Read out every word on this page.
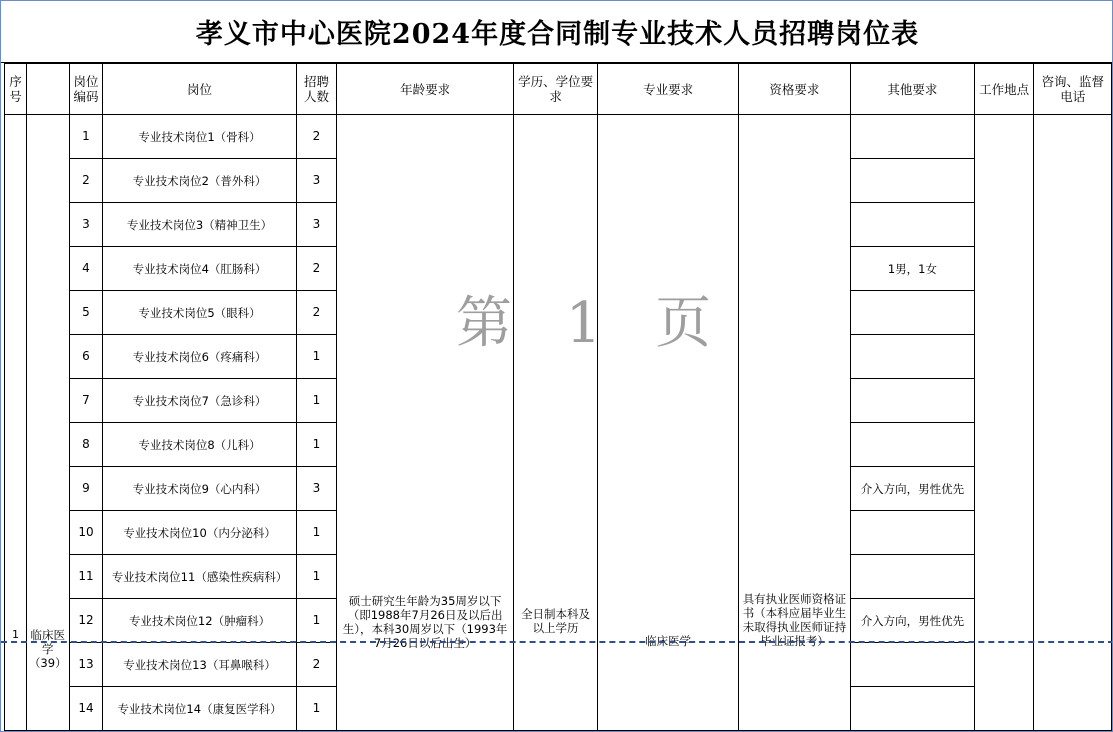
孝义市中心医院2024年度合同制专业技术人员招聘岗位表
序号		岗位编码	岗位	招聘人数	年龄要求	学历、学位要求	专业要求	资格要求	其他要求	工作地点	咨询、监督电话
1	临床医学（39）	1	专业技术岗位1（骨科）	2	硕士研究生年龄为35周岁以下（即1988年7月26日及以后出生），本科30周岁以下（1993年7月26日以后出生）	全日制本科及以上学历	临床医学	具有执业医师资格证书（本科应届毕业生未取得执业医师证持毕业证报考）			
		2	专业技术岗位2（普外科）	3							
		3	专业技术岗位3（精神卫生）	3							
		4	专业技术岗位4（肛肠科）	2					1男，1女		
		5	专业技术岗位5（眼科）	2							
		6	专业技术岗位6（疼痛科）	1							
		7	专业技术岗位7（急诊科）	1							
		8	专业技术岗位8（儿科）	1							
		9	专业技术岗位9（心内科）	3					介入方向，男性优先		
		10	专业技术岗位10（内分泌科）	1							
		11	专业技术岗位11（感染性疾病科）	1							
		12	专业技术岗位12（肿瘤科）	1					介入方向，男性优先		
		13	专业技术岗位13（耳鼻喉科）	2							
		14	专业技术岗位14（康复医学科）	1							
第 1 页
